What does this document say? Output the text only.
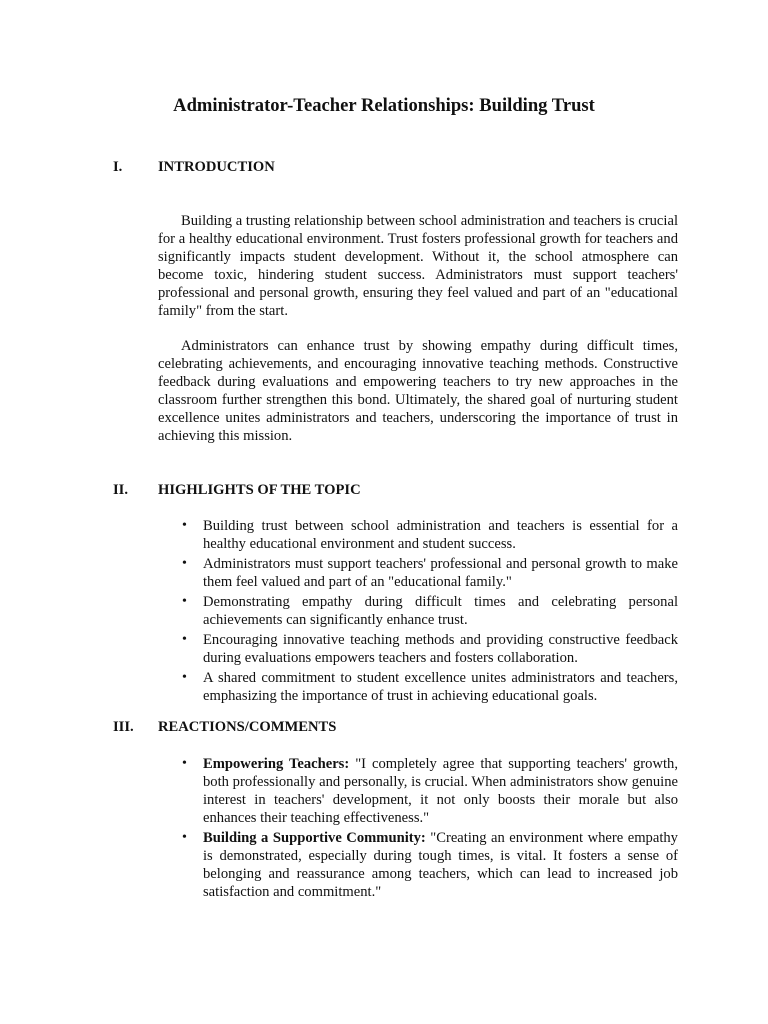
Administrator-Teacher Relationships: Building Trust
I. INTRODUCTION

Building a trusting relationship between school administration and teachers is crucial for a healthy educational environment. Trust fosters professional growth for teachers and significantly impacts student development. Without it, the school atmosphere can become toxic, hindering student success. Administrators must support teachers' professional and personal growth, ensuring they feel valued and part of an "educational family" from the start.

Administrators can enhance trust by showing empathy during difficult times, celebrating achievements, and encouraging innovative teaching methods. Constructive feedback during evaluations and empowering teachers to try new approaches in the classroom further strengthen this bond. Ultimately, the shared goal of nurturing student excellence unites administrators and teachers, underscoring the importance of trust in achieving this mission.

II. HIGHLIGHTS OF THE TOPIC
• Building trust between school administration and teachers is essential for a healthy educational environment and student success.
• Administrators must support teachers' professional and personal growth to make them feel valued and part of an "educational family."
• Demonstrating empathy during difficult times and celebrating personal achievements can significantly enhance trust.
• Encouraging innovative teaching methods and providing constructive feedback during evaluations empowers teachers and fosters collaboration.
• A shared commitment to student excellence unites administrators and teachers, emphasizing the importance of trust in achieving educational goals.
III. REACTIONS/COMMENTS
• Empowering Teachers: "I completely agree that supporting teachers' growth, both professionally and personally, is crucial. When administrators show genuine interest in teachers' development, it not only boosts their morale but also enhances their teaching effectiveness."
• Building a Supportive Community: "Creating an environment where empathy is demonstrated, especially during tough times, is vital. It fosters a sense of belonging and reassurance among teachers, which can lead to increased job satisfaction and commitment."
